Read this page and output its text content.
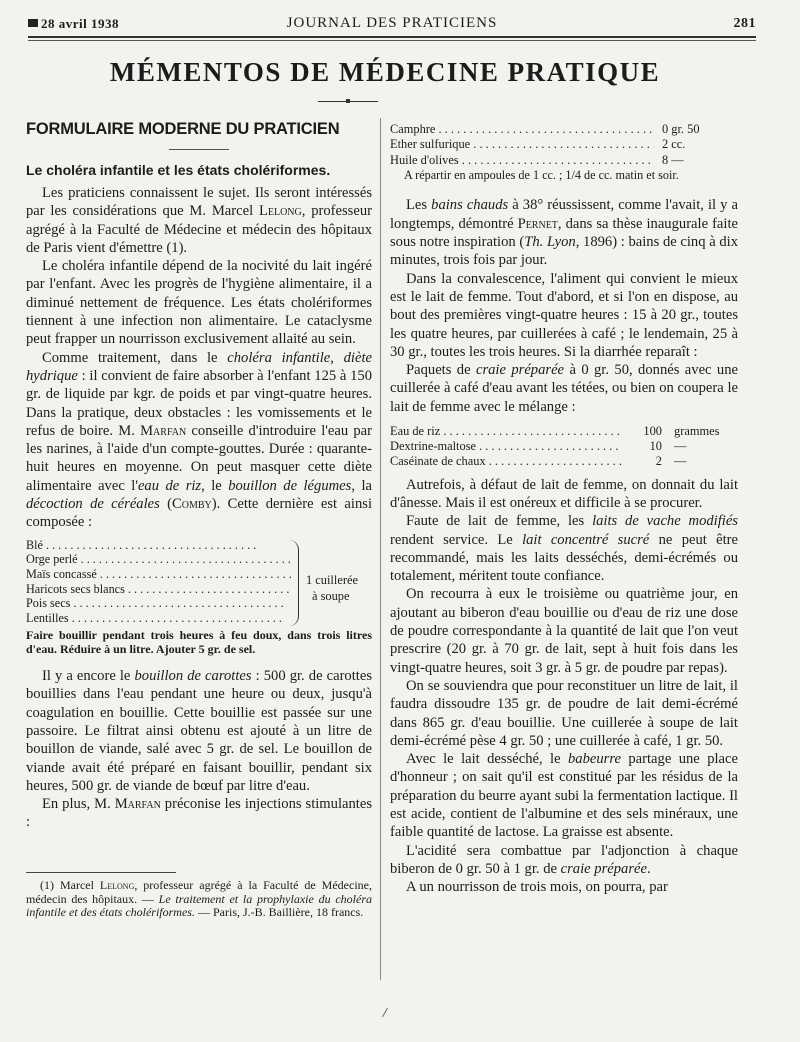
28 avril 1938	JOURNAL DES PRATICIENS	281
MÉMENTOS DE MÉDECINE PRATIQUE
FORMULAIRE MODERNE DU PRATICIEN
Le choléra infantile et les états cholériformes.

Les praticiens connaissent le sujet. Ils seront intéressés par les considérations que M. Marcel Lelong, professeur agrégé à la Faculté de Médecine et médecin des hôpitaux de Paris vient d'émettre (1).

Le choléra infantile dépend de la nocivité du lait ingéré par l'enfant. Avec les progrès de l'hygiène alimentaire, il a diminué nettement de fréquence. Les états cholériformes tiennent à une infection non alimentaire. Le cataclysme peut frapper un nourrisson exclusivement allaité au sein.

Comme traitement, dans le choléra infantile, diète hydrique : il convient de faire absorber à l'enfant 125 à 150 gr. de liquide par kgr. de poids et par vingt-quatre heures. Dans la pratique, deux obstacles : les vomissements et le refus de boire. M. Marfan conseille d'introduire l'eau par les narines, à l'aide d'un compte-gouttes. Durée : quarante-huit heures en moyenne. On peut masquer cette diète alimentaire avec l'eau de riz, le bouillon de légumes, la décoction de céréales (Comby). Cette dernière est ainsi composée :

Blé . . .
Orge perlé . . .
Maïs concassé . . .
Haricots secs blancs . . .
Pois secs . . .
Lentilles . . .
1 cuillerée
à soupe

Faire bouillir pendant trois heures à feu doux, dans trois litres d'eau. Réduire à un litre. Ajouter 5 gr. de sel.

Il y a encore le bouillon de carottes : 500 gr. de carottes bouillies dans l'eau pendant une heure ou deux, jusqu'à coagulation en bouillie. Cette bouillie est passée sur une passoire. Le filtrat ainsi obtenu est ajouté à un litre de bouillon de viande, salé avec 5 gr. de sel. Le bouillon de viande avait été préparé en faisant bouillir, pendant six heures, 500 gr. de viande de bœuf par litre d'eau.

En plus, M. Marfan préconise les injections stimulantes :

(1) Marcel Lelong, professeur agrégé à la Faculté de Médecine, médecin des hôpitaux. — Le traitement et la prophylaxie du choléra infantile et des états cholériformes. — Paris, J.-B. Baillière, 18 francs.

Camphre . . .	0 gr. 50
Ether sulfurique . . .	2 cc.
Huile d'olives . . .	8 —

A répartir en ampoules de 1 cc. ; 1/4 de cc. matin et soir.

Les bains chauds à 38° réussissent, comme l'avait, il y a longtemps, démontré Pernet, dans sa thèse inaugurale faite sous notre inspiration (Th. Lyon, 1896) : bains de cinq à dix minutes, trois fois par jour.

Dans la convalescence, l'aliment qui convient le mieux est le lait de femme. Tout d'abord, et si l'on en dispose, au bout des premières vingt-quatre heures : 15 à 20 gr., toutes les quatre heures, par cuillerées à café ; le lendemain, 25 à 30 gr., toutes les trois heures. Si la diarrhée reparaît :

Paquets de craie préparée à 0 gr. 50, donnés avec une cuillerée à café d'eau avant les tétées, ou bien on coupera le lait de femme avec le mélange :

Eau de riz . . .	100 grammes
Dextrine-maltose . . .	10 —
Caséinate de chaux . . .	2 —

Autrefois, à défaut de lait de femme, on donnait du lait d'ânesse. Mais il est onéreux et difficile à se procurer.

Faute de lait de femme, les laits de vache modifiés rendent service. Le lait concentré sucré ne peut être recommandé, mais les laits desséchés, demi-écrémés ou totalement, méritent toute confiance.

On recourra à eux le troisième ou quatrième jour, en ajoutant au biberon d'eau bouillie ou d'eau de riz une dose de poudre correspondante à la quantité de lait que l'on veut prescrire (20 gr. à 70 gr. de lait, sept à huit fois dans les vingt-quatre heures, soit 3 gr. à 5 gr. de poudre par repas).

On se souviendra que pour reconstituer un litre de lait, il faudra dissoudre 135 gr. de poudre de lait demi-écrémé dans 865 gr. d'eau bouillie. Une cuillerée à soupe de lait demi-écrémé pèse 4 gr. 50 ; une cuillerée à café, 1 gr. 50.

Avec le lait desséché, le babeurre partage une place d'honneur ; on sait qu'il est constitué par les résidus de la préparation du beurre ayant subi la fermentation lactique. Il est acide, contient de l'albumine et des sels minéraux, une faible quantité de lactose. La graisse est absente.

L'acidité sera combattue par l'adjonction à chaque biberon de 0 gr. 50 à 1 gr. de craie préparée.

A un nourrisson de trois mois, on pourra, par
